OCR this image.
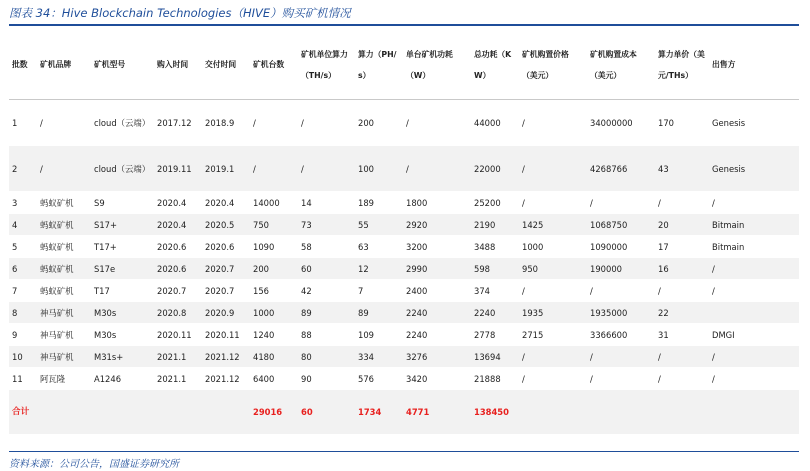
图表 34：Hive Blockchain Technologies（HIVE）购买矿机情况
批数	矿机品牌	矿机型号	购入时间	交付时间	矿机台数	矿机单位算力（TH/s）	算力（PH/s）	单台矿机功耗（W）	总功耗（KW）	矿机购置价格（美元）	矿机购置成本（美元）	算力单价（美元/THs）	出售方
1	/	cloud（云端）	2017.12	2018.9	/	/	200	/	44000	/	34000000	170	Genesis
2	/	cloud（云端）	2019.11	2019.1	/	/	100	/	22000	/	4268766	43	Genesis
3	蚂蚁矿机	S9	2020.4	2020.4	14000	14	189	1800	25200	/	/	/	/
4	蚂蚁矿机	S17+	2020.4	2020.5	750	73	55	2920	2190	1425	1068750	20	Bitmain
5	蚂蚁矿机	T17+	2020.6	2020.6	1090	58	63	3200	3488	1000	1090000	17	Bitmain
6	蚂蚁矿机	S17e	2020.6	2020.7	200	60	12	2990	598	950	190000	16	/
7	蚂蚁矿机	T17	2020.7	2020.7	156	42	7	2400	374	/	/	/	/
8	神马矿机	M30s	2020.8	2020.9	1000	89	89	2240	2240	1935	1935000	22	
9	神马矿机	M30s	2020.11	2020.11	1240	88	109	2240	2778	2715	3366600	31	DMGI
10	神马矿机	M31s+	2021.1	2021.12	4180	80	334	3276	13694	/	/	/	/
11	阿瓦隆	A1246	2021.1	2021.12	6400	90	576	3420	21888	/	/	/	/
合计					29016	60	1734	4771	138450				
资料来源：公司公告，国盛证券研究所
